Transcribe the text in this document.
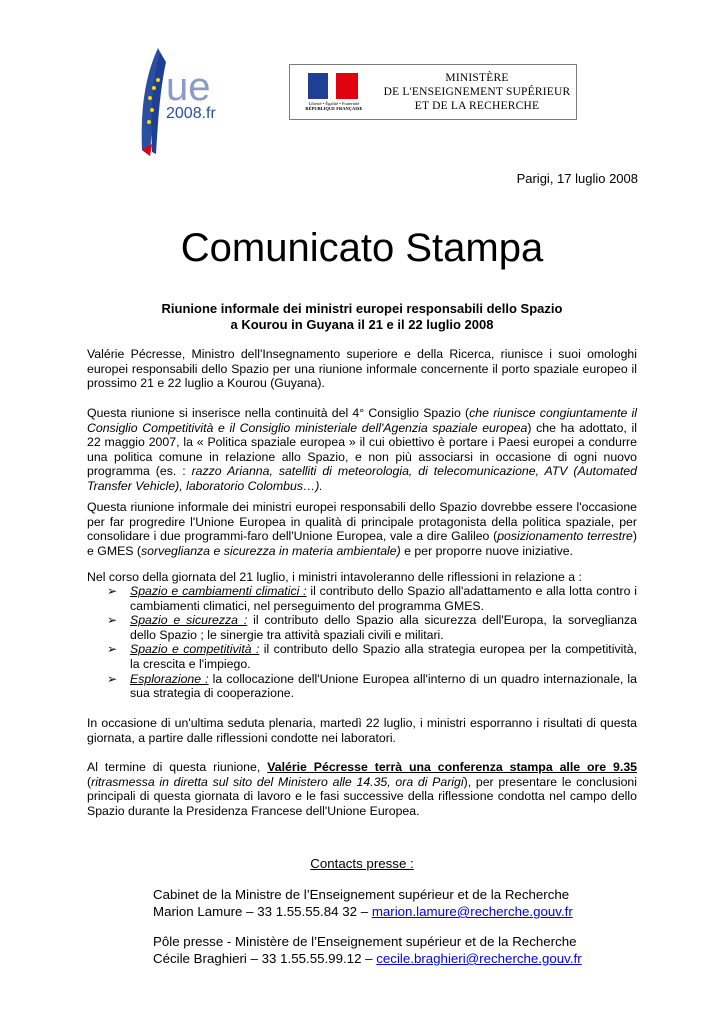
ue
2008.fr
Liberté • Égalité • Fraternité
RÉPUBLIQUE FRANÇAISE
MINISTÈRE
DE L'ENSEIGNEMENT SUPÉRIEUR
ET DE LA RECHERCHE
Parigi, 17 luglio 2008
Comunicato Stampa
Riunione informale dei ministri europei responsabili dello Spazio
a Kourou in Guyana il 21 e il 22 luglio 2008
Valérie Pécresse, Ministro dell'Insegnamento superiore e della Ricerca, riunisce i suoi omologhi europei responsabili dello Spazio per una riunione informale concernente il porto spaziale europeo il prossimo 21 e 22 luglio a Kourou (Guyana).
Questa riunione si inserisce nella continuità del 4° Consiglio Spazio (che riunisce congiuntamente il Consiglio Competitività e il Consiglio ministeriale dell'Agenzia spaziale europea) che ha adottato, il 22 maggio 2007, la « Politica spaziale europea » il cui obiettivo è portare i Paesi europei a condurre una politica comune in relazione allo Spazio, e non più associarsi in occasione di ogni nuovo programma (es. : razzo Arianna, satelliti di meteorologia, di telecomunicazione, ATV (Automated Transfer Vehicle), laboratorio Colombus…).
Questa riunione informale dei ministri europei responsabili dello Spazio dovrebbe essere l'occasione per far progredire l'Unione Europea in qualità di principale protagonista della politica spaziale, per consolidare i due programmi-faro dell'Unione Europea, vale a dire Galileo (posizionamento terrestre) e GMES (sorveglianza e sicurezza in materia ambientale) e per proporre nuove iniziative.
Nel corso della giornata del 21 luglio, i ministri intavoleranno delle riflessioni in relazione a :
➢ Spazio e cambiamenti climatici : il contributo dello Spazio all'adattamento e alla lotta contro i cambiamenti climatici, nel perseguimento del programma GMES.
➢ Spazio e sicurezza : il contributo dello Spazio alla sicurezza dell'Europa, la sorveglianza dello Spazio ; le sinergie tra attività spaziali civili e militari.
➢ Spazio e competitività : il contributo dello Spazio alla strategia europea per la competitività, la crescita e l'impiego.
➢ Esplorazione : la collocazione dell'Unione Europea all'interno di un quadro internazionale, la sua strategia di cooperazione.
In occasione di un'ultima seduta plenaria, martedì 22 luglio, i ministri esporranno i risultati di questa giornata, a partire dalle riflessioni condotte nei laboratori.
Al termine di questa riunione, Valérie Pécresse terrà una conferenza stampa alle ore 9.35 (ritrasmessa in diretta sul sito del Ministero alle 14.35, ora di Parigi), per presentare le conclusioni principali di questa giornata di lavoro e le fasi successive della riflessione condotta nel campo dello Spazio durante la Presidenza Francese dell'Unione Europea.
Contacts presse :
Cabinet de la Ministre de l’Enseignement supérieur et de la Recherche
Marion Lamure – 33 1.55.55.84 32 – marion.lamure@recherche.gouv.fr
Pôle presse - Ministère de l’Enseignement supérieur et de la Recherche
Cécile Braghieri – 33 1.55.55.99.12 – cecile.braghieri@recherche.gouv.fr
